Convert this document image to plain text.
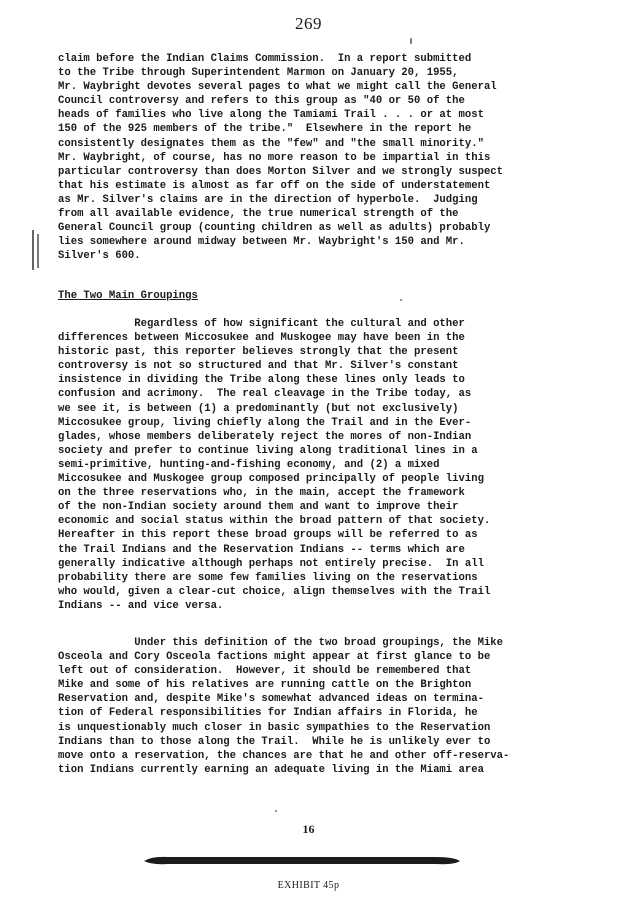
269
claim before the Indian Claims Commission.  In a report submitted
to the Tribe through Superintendent Marmon on January 20, 1955,
Mr. Waybright devotes several pages to what we might call the General
Council controversy and refers to this group as "40 or 50 of the
heads of families who live along the Tamiami Trail . . . or at most
150 of the 925 members of the tribe."  Elsewhere in the report he
consistently designates them as the "few" and "the small minority."
Mr. Waybright, of course, has no more reason to be impartial in this
particular controversy than does Morton Silver and we strongly suspect
that his estimate is almost as far off on the side of understatement
as Mr. Silver's claims are in the direction of hyperbole.  Judging
from all available evidence, the true numerical strength of the
General Council group (counting children as well as adults) probably
lies somewhere around midway between Mr. Waybright's 150 and Mr.
Silver's 600.
The Two Main Groupings
Regardless of how significant the cultural and other
differences between Miccosukee and Muskogee may have been in the
historic past, this reporter believes strongly that the present
controversy is not so structured and that Mr. Silver's constant
insistence in dividing the Tribe along these lines only leads to
confusion and acrimony.  The real cleavage in the Tribe today, as
we see it, is between (1) a predominantly (but not exclusively)
Miccosukee group, living chiefly along the Trail and in the Ever-
glades, whose members deliberately reject the mores of non-Indian
society and prefer to continue living along traditional lines in a
semi-primitive, hunting-and-fishing economy, and (2) a mixed
Miccosukee and Muskogee group composed principally of people living
on the three reservations who, in the main, accept the framework
of the non-Indian society around them and want to improve their
economic and social status within the broad pattern of that society.
Hereafter in this report these broad groups will be referred to as
the Trail Indians and the Reservation Indians -- terms which are
generally indicative although perhaps not entirely precise.  In all
probability there are some few families living on the reservations
who would, given a clear-cut choice, align themselves with the Trail
Indians -- and vice versa.
Under this definition of the two broad groupings, the Mike
Osceola and Cory Osceola factions might appear at first glance to be
left out of consideration.  However, it should be remembered that
Mike and some of his relatives are running cattle on the Brighton
Reservation and, despite Mike's somewhat advanced ideas on termina-
tion of Federal responsibilities for Indian affairs in Florida, he
is unquestionably much closer in basic sympathies to the Reservation
Indians than to those along the Trail.  While he is unlikely ever to
move onto a reservation, the chances are that he and other off-reserva-
tion Indians currently earning an adequate living in the Miami area
16
EXHIBIT 45p
